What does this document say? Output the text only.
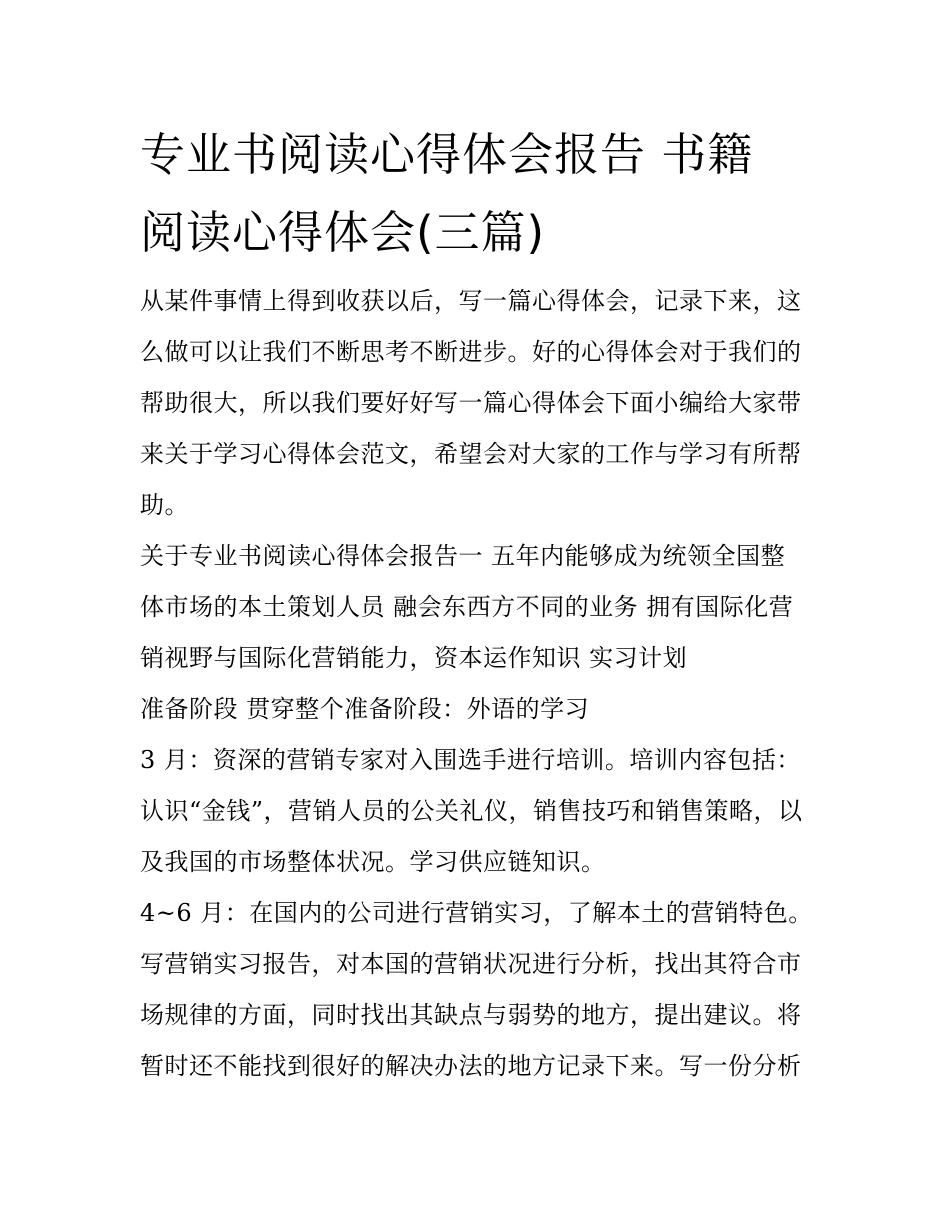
专业书阅读心得体会报告 书籍
阅读心得体会(三篇)
从某件事情上得到收获以后，写一篇心得体会，记录下来，这
么做可以让我们不断思考不断进步。好的心得体会对于我们的
帮助很大，所以我们要好好写一篇心得体会下面小编给大家带
来关于学习心得体会范文，希望会对大家的工作与学习有所帮
助。
关于专业书阅读心得体会报告一 五年内能够成为统领全国整
体市场的本土策划人员 融会东西方不同的业务 拥有国际化营
销视野与国际化营销能力，资本运作知识 实习计划
准备阶段 贯穿整个准备阶段：外语的学习
3 月：资深的营销专家对入围选手进行培训。培训内容包括：
认识“金钱”，营销人员的公关礼仪，销售技巧和销售策略，以
及我国的市场整体状况。学习供应链知识。
4~6 月：在国内的公司进行营销实习，了解本土的营销特色。
写营销实习报告，对本国的营销状况进行分析，找出其符合市
场规律的方面，同时找出其缺点与弱势的地方，提出建议。将
暂时还不能找到很好的解决办法的地方记录下来。写一份分析
